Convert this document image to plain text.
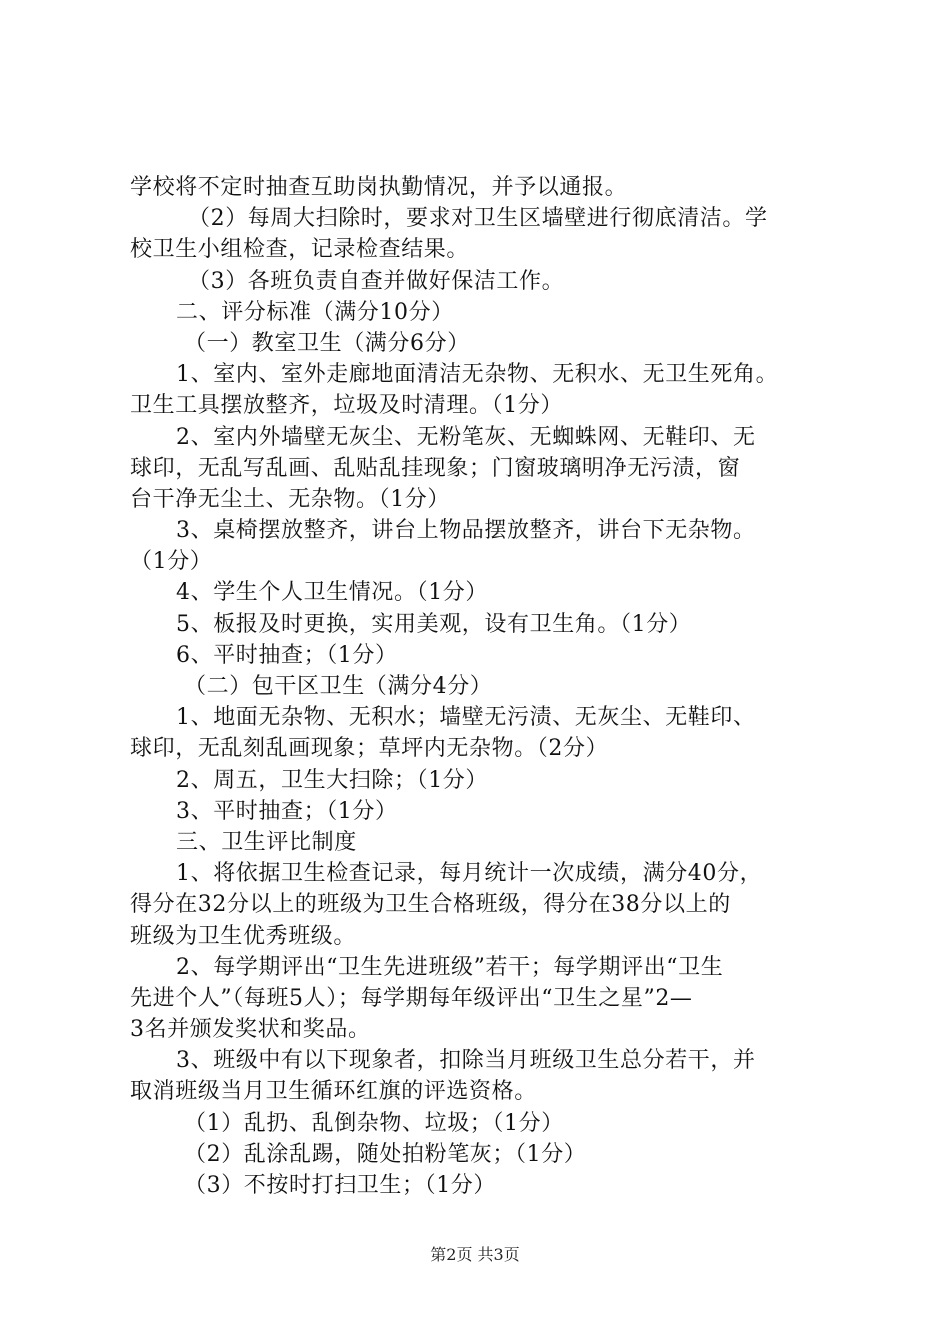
学校将不定时抽查互助岗执勤情况，并予以通报。
（2）每周大扫除时，要求对卫生区墙壁进行彻底清洁。学
校卫生小组检查，记录检查结果。
（3）各班负责自查并做好保洁工作。
二、评分标准（满分10分）
（一）教室卫生（满分6分）
1、室内、室外走廊地面清洁无杂物、无积水、无卫生死角。
卫生工具摆放整齐，垃圾及时清理。（1分）
2、室内外墙壁无灰尘、无粉笔灰、无蜘蛛网、无鞋印、无
球印，无乱写乱画、乱贴乱挂现象；门窗玻璃明净无污渍，窗
台干净无尘土、无杂物。（1分）
3、桌椅摆放整齐，讲台上物品摆放整齐，讲台下无杂物。
（1分）
4、学生个人卫生情况。（1分）
5、板报及时更换，实用美观，设有卫生角。（1分）
6、平时抽查；（1分）
（二）包干区卫生（满分4分）
1、地面无杂物、无积水；墙壁无污渍、无灰尘、无鞋印、
球印，无乱刻乱画现象；草坪内无杂物。（2分）
2、周五，卫生大扫除；（1分）
3、平时抽查；（1分）
三、卫生评比制度
1、将依据卫生检查记录，每月统计一次成绩，满分40分，
得分在32分以上的班级为卫生合格班级，得分在38分以上的
班级为卫生优秀班级。
2、每学期评出“卫生先进班级”若干；每学期评出“卫生
先进个人”（每班5人）；每学期每年级评出“卫生之星”2—
3名并颁发奖状和奖品。
3、班级中有以下现象者，扣除当月班级卫生总分若干，并
取消班级当月卫生循环红旗的评选资格。
（1）乱扔、乱倒杂物、垃圾；（1分）
（2）乱涂乱踢，随处拍粉笔灰；（1分）
（3）不按时打扫卫生；（1分）
第2页 共3页
